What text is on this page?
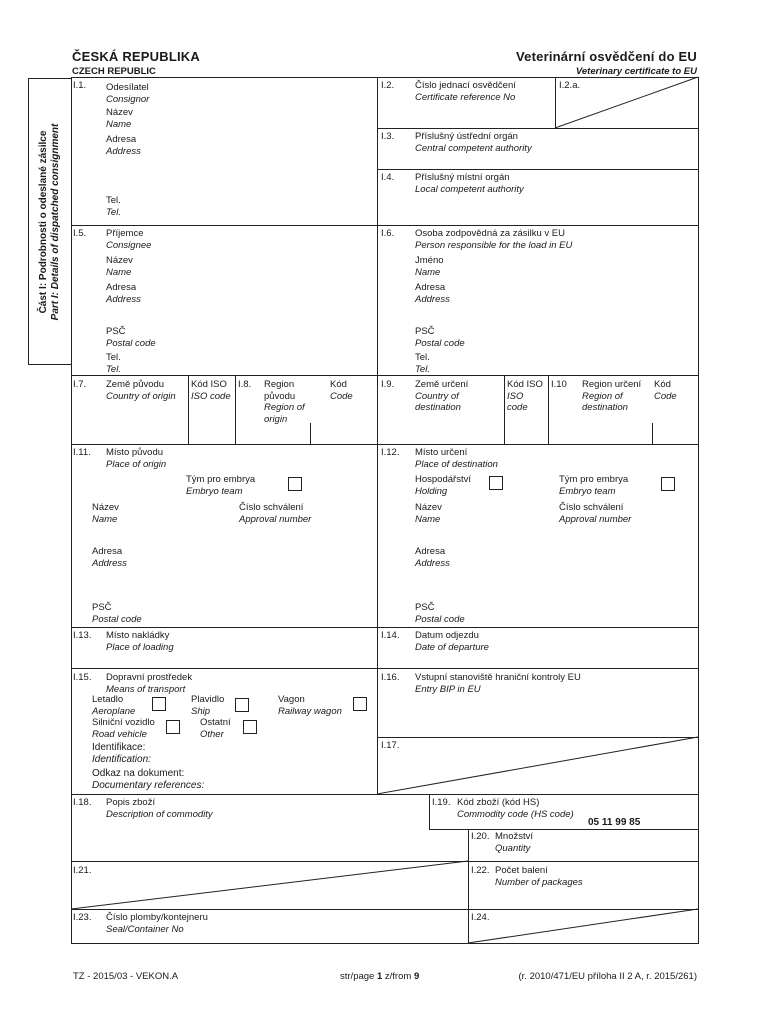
ČESKÁ REPUBLIKA
CZECH REPUBLIC
Veterinární osvědčení do EU
Veterinary certificate to EU
Část I: Podrobnosti o odeslané zásilce Part I: Details of dispatched consignment
I.1. Odesílatel
Consignor
Název
Name
Adresa
Address
Tel.
Tel.
I.2. Číslo jednací osvědčení
Certificate reference No
I.2.a.
I.3. Příslušný ústřední orgán
Central competent authority
I.4. Příslušný místní orgán
Local competent authority
I.5. Příjemce
Consignee
Název
Name
Adresa
Address
PSČ
Postal code
Tel.
Tel.
I.6. Osoba zodpovědná za zásilku v EU
Person responsible for the load in EU
Jméno
Name
Adresa
Address
PSČ
Postal code
Tel.
Tel.
I.7. Země původu
Country of origin
Kód ISO
ISO code
I.8. Region
původu
Region of
origin
Kód
Code
I.9. Země určení
Country of
destination
Kód ISO
ISO
code
I.10 Region určení
Region of
destination
Kód
Code
I.11. Místo původu
Place of origin
Tým pro embrya
Embryo team
Název
Name
Číslo schválení
Approval number
Adresa
Address
PSČ
Postal code
I.12. Místo určení
Place of destination
Hospodářství
Holding
Tým pro embrya
Embryo team
Název
Name
Číslo schválení
Approval number
Adresa
Address
PSČ
Postal code
I.13. Místo nakládky
Place of loading
I.14. Datum odjezdu
Date of departure
I.15. Dopravní prostředek
Means of transport
Letadlo
Aeroplane
Plavidlo
Ship
Vagon
Railway wagon
Silniční vozidlo
Road vehicle
Ostatní
Other
Identifikace:
Identification:
Odkaz na dokument:
Documentary references:
I.16. Vstupní stanoviště hraniční kontroly EU
Entry BIP in EU
I.17.
I.18. Popis zboží
Description of commodity
I.19. Kód zboží (kód HS)
Commodity code (HS code)
05 11 99 85
I.20. Množství
Quantity
I.21.	I.22. Počet balení
Number of packages
I.23. Číslo plomby/kontejneru
Seal/Container No
I.24.
TZ - 2015/03 - VEKON.A	str/page 1 z/from 9	(r. 2010/471/EU příloha II 2 A, r. 2015/261)
